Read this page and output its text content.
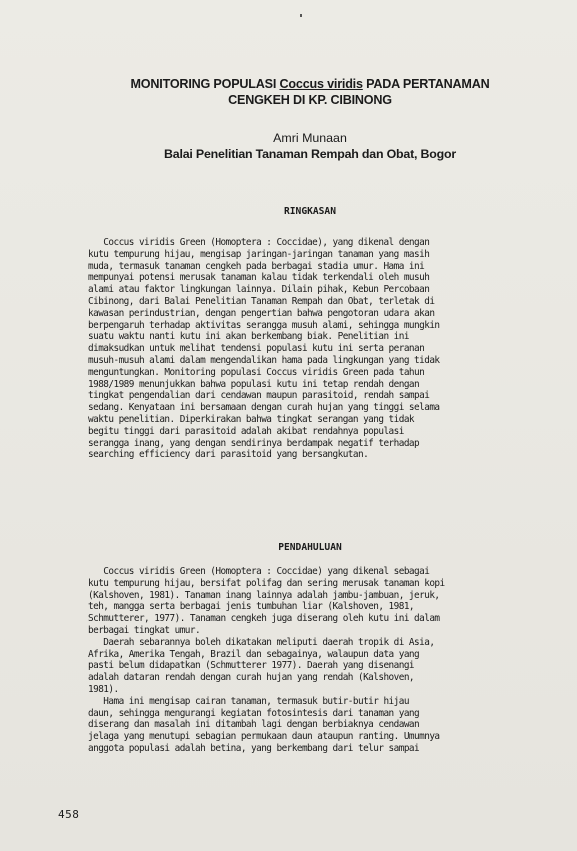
MONITORING POPULASI Coccus viridis PADA PERTANAMAN
CENGKEH DI KP. CIBINONG
Amri Munaan
Balai Penelitian Tanaman Rempah dan Obat, Bogor
RINGKASAN
Coccus viridis Green (Homoptera : Coccidae), yang dikenal dengan
kutu tempurung hijau, mengisap jaringan-jaringan tanaman yang masih
muda, termasuk tanaman cengkeh pada berbagai stadia umur. Hama ini
mempunyai potensi merusak tanaman kalau tidak terkendali oleh musuh
alami atau faktor lingkungan lainnya. Dilain pihak, Kebun Percobaan
Cibinong, dari Balai Penelitian Tanaman Rempah dan Obat, terletak di
kawasan perindustrian, dengan pengertian bahwa pengotoran udara akan
berpengaruh terhadap aktivitas serangga musuh alami, sehingga mungkin
suatu waktu nanti kutu ini akan berkembang biak. Penelitian ini
dimaksudkan untuk melihat tendensi populasi kutu ini serta peranan
musuh-musuh alami dalam mengendalikan hama pada lingkungan yang tidak
menguntungkan. Monitoring populasi Coccus viridis Green pada tahun
1988/1989 menunjukkan bahwa populasi kutu ini tetap rendah dengan
tingkat pengendalian dari cendawan maupun parasitoid, rendah sampai
sedang. Kenyataan ini bersamaan dengan curah hujan yang tinggi selama
waktu penelitian. Diperkirakan bahwa tingkat serangan yang tidak
begitu tinggi dari parasitoid adalah akibat rendahnya populasi
serangga inang, yang dengan sendirinya berdampak negatif terhadap
searching efficiency dari parasitoid yang bersangkutan.
PENDAHULUAN
Coccus viridis Green (Homoptera : Coccidae) yang dikenal sebagai
kutu tempurung hijau, bersifat polifag dan sering merusak tanaman kopi
(Kalshoven, 1981). Tanaman inang lainnya adalah jambu-jambuan, jeruk,
teh, mangga serta berbagai jenis tumbuhan liar (Kalshoven, 1981,
Schmutterer, 1977). Tanaman cengkeh juga diserang oleh kutu ini dalam
berbagai tingkat umur.
Daerah sebarannya boleh dikatakan meliputi daerah tropik di Asia,
Afrika, Amerika Tengah, Brazil dan sebagainya, walaupun data yang
pasti belum didapatkan (Schmutterer 1977). Daerah yang disenangi
adalah dataran rendah dengan curah hujan yang rendah (Kalshoven,
1981).
Hama ini mengisap cairan tanaman, termasuk butir-butir hijau
daun, sehingga mengurangi kegiatan fotosintesis dari tanaman yang
diserang dan masalah ini ditambah lagi dengan berbiaknya cendawan
jelaga yang menutupi sebagian permukaan daun ataupun ranting. Umumnya
anggota populasi adalah betina, yang berkembang dari telur sampai
458
